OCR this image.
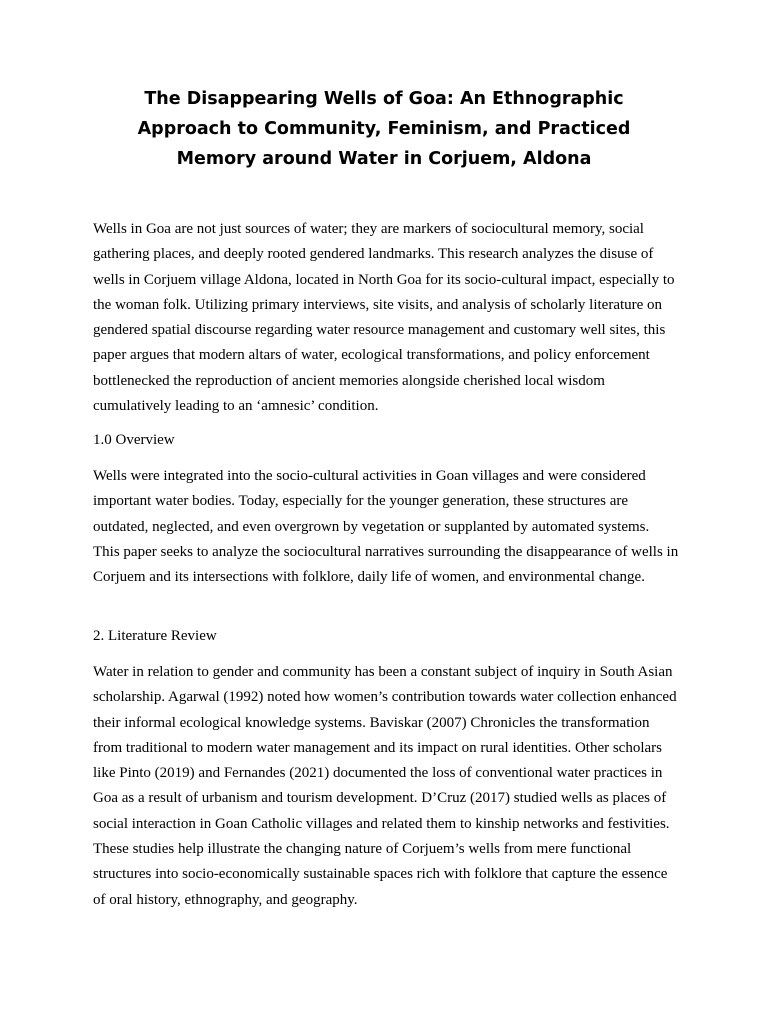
The Disappearing Wells of Goa: An Ethnographic Approach to Community, Feminism, and Practiced Memory around Water in Corjuem, Aldona

Wells in Goa are not just sources of water; they are markers of sociocultural memory, social gathering places, and deeply rooted gendered landmarks. This research analyzes the disuse of wells in Corjuem village Aldona, located in North Goa for its socio-cultural impact, especially to the woman folk. Utilizing primary interviews, site visits, and analysis of scholarly literature on gendered spatial discourse regarding water resource management and customary well sites, this paper argues that modern altars of water, ecological transformations, and policy enforcement bottlenecked the reproduction of ancient memories alongside cherished local wisdom cumulatively leading to an ‘amnesic’ condition.

1.0 Overview

Wells were integrated into the socio-cultural activities in Goan villages and were considered important water bodies. Today, especially for the younger generation, these structures are outdated, neglected, and even overgrown by vegetation or supplanted by automated systems. This paper seeks to analyze the sociocultural narratives surrounding the disappearance of wells in Corjuem and its intersections with folklore, daily life of women, and environmental change.

2. Literature Review

Water in relation to gender and community has been a constant subject of inquiry in South Asian scholarship. Agarwal (1992) noted how women’s contribution towards water collection enhanced their informal ecological knowledge systems. Baviskar (2007) Chronicles the transformation from traditional to modern water management and its impact on rural identities. Other scholars like Pinto (2019) and Fernandes (2021) documented the loss of conventional water practices in Goa as a result of urbanism and tourism development. D’Cruz (2017) studied wells as places of social interaction in Goan Catholic villages and related them to kinship networks and festivities. These studies help illustrate the changing nature of Corjuem’s wells from mere functional structures into socio-economically sustainable spaces rich with folklore that capture the essence of oral history, ethnography, and geography.
